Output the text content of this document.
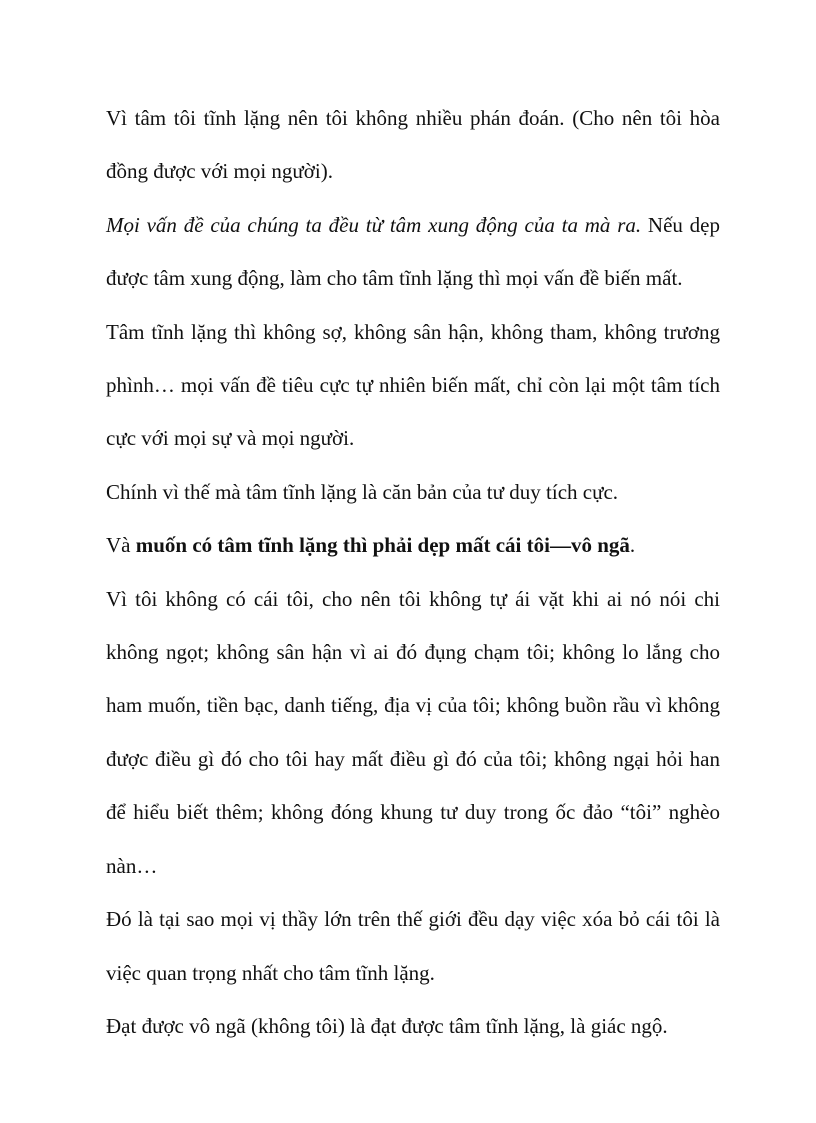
Vì tâm tôi tĩnh lặng nên tôi không nhiều phán đoán. (Cho nên tôi hòa đồng được với mọi người).

Mọi vấn đề của chúng ta đều từ tâm xung động của ta mà ra. Nếu dẹp được tâm xung động, làm cho tâm tĩnh lặng thì mọi vấn đề biến mất.

Tâm tĩnh lặng thì không sợ, không sân hận, không tham, không trương phình… mọi vấn đề tiêu cực tự nhiên biến mất, chỉ còn lại một tâm tích cực với mọi sự và mọi người.

Chính vì thế mà tâm tĩnh lặng là căn bản của tư duy tích cực.

Và muốn có tâm tĩnh lặng thì phải dẹp mất cái tôi—vô ngã.

Vì tôi không có cái tôi, cho nên tôi không tự ái vặt khi ai nó nói chi không ngọt; không sân hận vì ai đó đụng chạm tôi; không lo lắng cho ham muốn, tiền bạc, danh tiếng, địa vị của tôi; không buồn rầu vì không được điều gì đó cho tôi hay mất điều gì đó của tôi; không ngại hỏi han để hiểu biết thêm; không đóng khung tư duy trong ốc đảo “tôi” nghèo nàn…

Đó là tại sao mọi vị thầy lớn trên thế giới đều dạy việc xóa bỏ cái tôi là việc quan trọng nhất cho tâm tĩnh lặng.

Đạt được vô ngã (không tôi) là đạt được tâm tĩnh lặng, là giác ngộ.
